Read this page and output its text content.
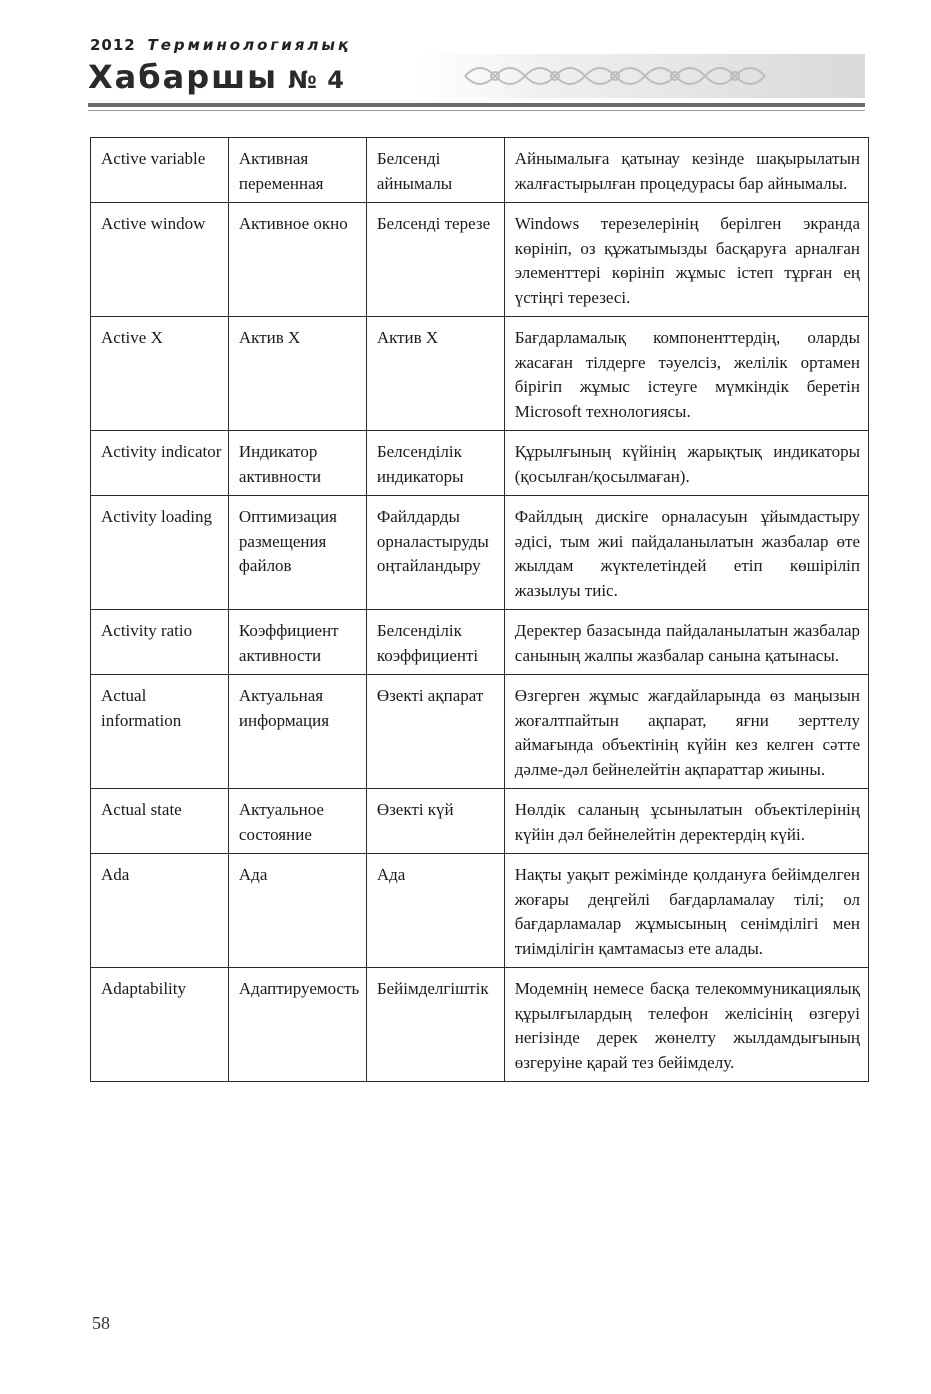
2012 Терминологиялық
Хабаршы № 4
Active variable	Активная переменная	Белсенді айнымалы	Айнымалыға қатынау кезінде шақырылатын жалғастырылған процедурасы бар айнымалы.
Active window	Активное окно	Белсенді терезе	Windows терезелерінің берілген экранда көрініп, оз құжатымызды басқаруға арналған элементтері көрініп жұмыс істеп тұрған ең үстіңгі терезесі.
Active X	Актив X	Актив X	Бағдарламалық компоненттердің, оларды жасаған тілдерге тәуелсіз, желілік ортамен бірігіп жұмыс істеуге мүмкіндік беретін Microsoft технологиясы.
Activity indicator	Индикатор активности	Белсенділік индикаторы	Құрылғының күйінің жарықтық индикаторы (қосылған/қосылмаған).
Activity loading	Оптимизация размещения файлов	Файлдарды орналастыруды оңтайландыру	Файлдың дискіге орналасуын ұйымдастыру әдісі, тым жиі пайдаланылатын жазбалар өте жылдам жүктелетіндей етіп көшіріліп жазылуы тиіс.
Activity ratio	Коэффициент активности	Белсенділік коэффициенті	Деректер базасында пайдаланылатын жазбалар санының жалпы жазбалар санына қатынасы.
Actual information	Актуальная информация	Өзекті ақпарат	Өзгерген жұмыс жағдайларында өз маңызын жоғалтпайтын ақпарат, яғни зерттелу аймағында объектінің күйін кез келген сәтте дәлме-дәл бейнелейтін ақпараттар жиыны.
Actual state	Актуальное состояние	Өзекті күй	Нөлдік саланың ұсынылатын объектілерінің күйін дәл бейнелейтін деректердің күйі.
Ada	Ада	Ада	Нақты уақыт режімінде қолдануға бейімделген жоғары деңгейлі бағдарламалау тілі; ол бағдарламалар жұмысының сенімділігі мен тиімділігін қамтамасыз ете алады.
Adaptability	Адаптируемость	Бейімделгіштік	Модемнің немесе басқа телекоммуникациялық құрылғылардың телефон желісінің өзгеруі негізінде дерек жөнелту жылдамдығының өзгеруіне қарай тез бейімделу.
58
